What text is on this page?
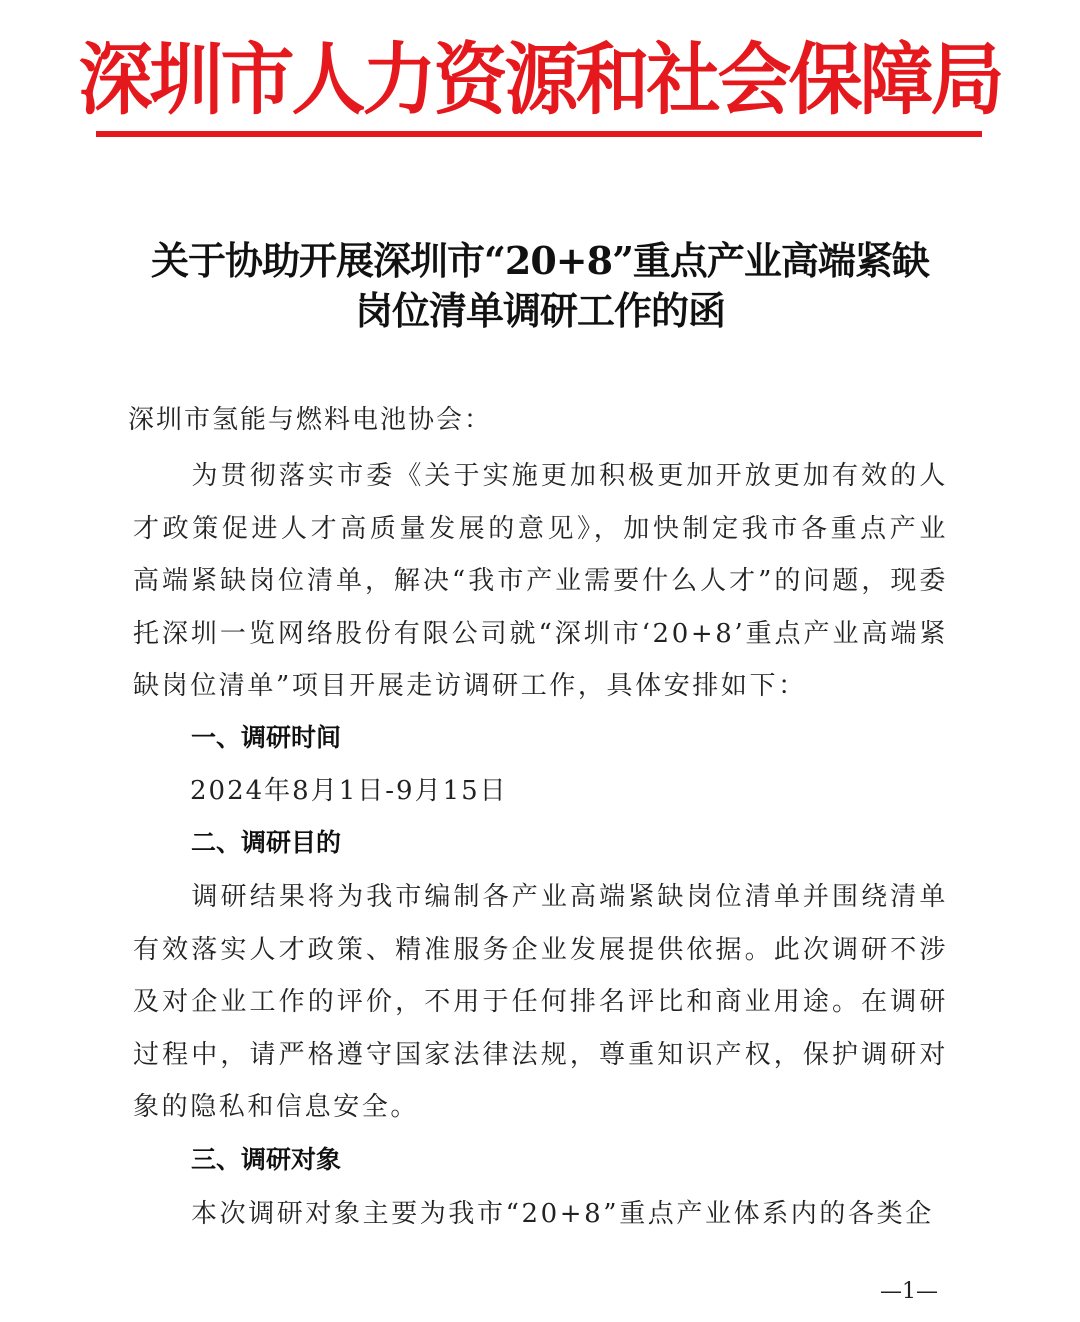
深圳市人力资源和社会保障局
关于协助开展深圳市“20+8”重点产业高端紧缺
岗位清单调研工作的函
深圳市氢能与燃料电池协会：
为贯彻落实市委《关于实施更加积极更加开放更加有效的人才政策促进人才高质量发展的意见》，加快制定我市各重点产业高端紧缺岗位清单，解决“我市产业需要什么人才”的问题，现委托深圳一览网络股份有限公司就“深圳市‘20+8’重点产业高端紧缺岗位清单”项目开展走访调研工作，具体安排如下：
一、调研时间
2024年8月1日-9月15日
二、调研目的
调研结果将为我市编制各产业高端紧缺岗位清单并围绕清单有效落实人才政策、精准服务企业发展提供依据。此次调研不涉及对企业工作的评价，不用于任何排名评比和商业用途。在调研过程中，请严格遵守国家法律法规，尊重知识产权，保护调研对象的隐私和信息安全。
三、调研对象
本次调研对象主要为我市“20+8”重点产业体系内的各类企
—1—
